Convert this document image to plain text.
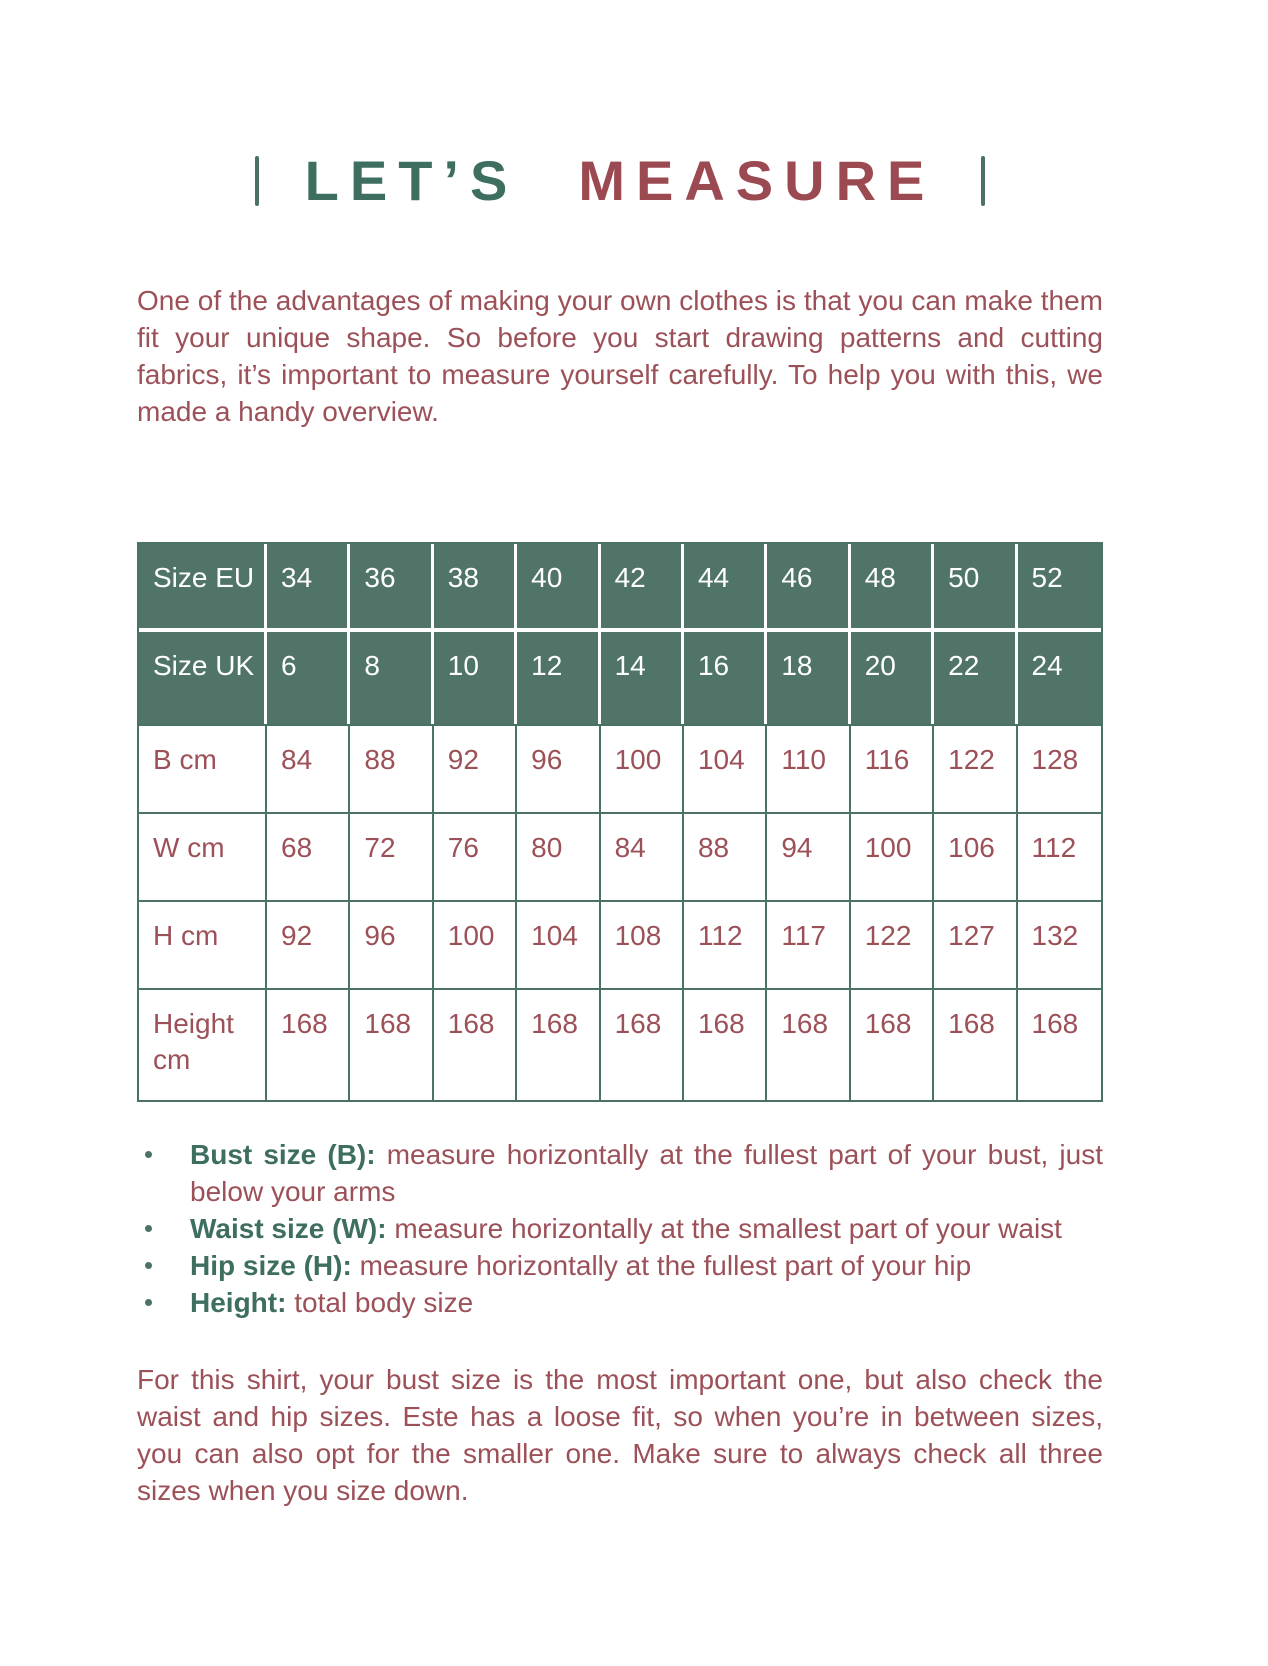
LET’S MEASURE

One of the advantages of making your own clothes is that you can make them fit your unique shape. So before you start drawing patterns and cutting fabrics, it’s important to measure yourself carefully. To help you with this, we made a handy overview.

Size EU	34	36	38	40	42	44	46	48	50	52
Size UK	6	8	10	12	14	16	18	20	22	24
B cm	84	88	92	96	100	104	110	116	122	128
W cm	68	72	76	80	84	88	94	100	106	112
H cm	92	96	100	104	108	112	117	122	127	132
Height cm	168	168	168	168	168	168	168	168	168	168
Bust size (B): measure horizontally at the fullest part of your bust, just below your arms
Waist size (W): measure horizontally at the smallest part of your waist
Hip size (H): measure horizontally at the fullest part of your hip
Height: total body size

For this shirt, your bust size is the most important one, but also check the waist and hip sizes. Este has a loose fit, so when you’re in between sizes, you can also opt for the smaller one. Make sure to always check all three sizes when you size down.
